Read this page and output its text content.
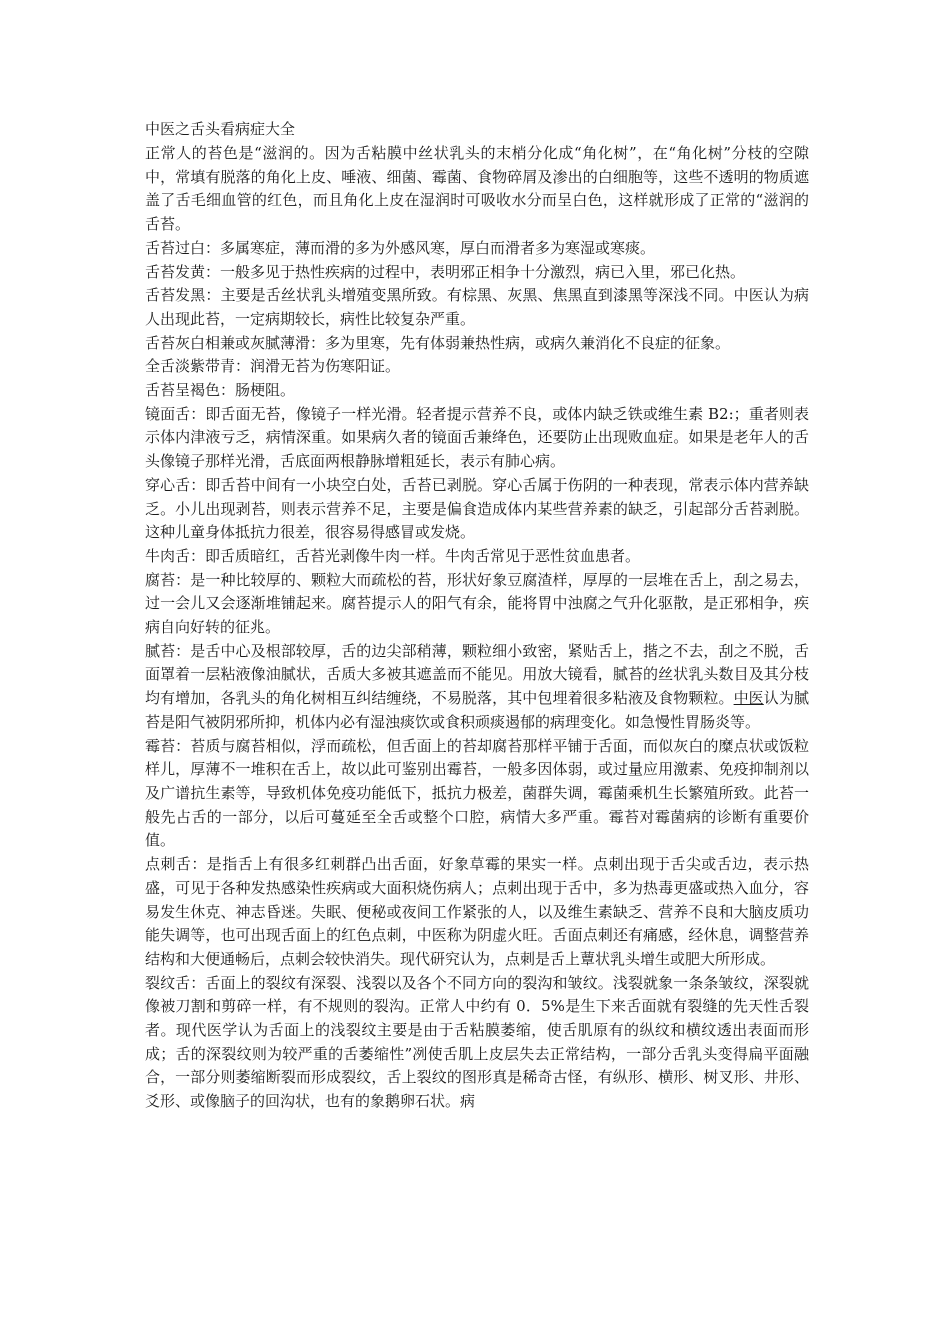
中医之舌头看病症大全

正常人的苔色是“滋润的。因为舌粘膜中丝状乳头的末梢分化成“角化树”，在“角化树”分枝的空隙中，常填有脱落的角化上皮、唾液、细菌、霉菌、食物碎屑及渗出的白细胞等，这些不透明的物质遮盖了舌毛细血管的红色，而且角化上皮在湿润时可吸收水分而呈白色，这样就形成了正常的“滋润的舌苔。

舌苔过白：多属寒症，薄而滑的多为外感风寒，厚白而滑者多为寒湿或寒痰。

舌苔发黄：一般多见于热性疾病的过程中，表明邪正相争十分激烈，病已入里，邪已化热。

舌苔发黑：主要是舌丝状乳头增殖变黑所致。有棕黑、灰黑、焦黑直到漆黑等深浅不同。中医认为病人出现此苔，一定病期较长，病性比较复杂严重。

舌苔灰白相兼或灰腻薄滑：多为里寒，先有体弱兼热性病，或病久兼消化不良症的征象。

全舌淡紫带青：润滑无苔为伤寒阳证。

舌苔呈褐色：肠梗阻。

镜面舌：即舌面无苔，像镜子一样光滑。轻者提示营养不良，或体内缺乏铁或维生素 B2:；重者则表示体内津液亏乏，病情深重。如果病久者的镜面舌兼绛色，还要防止出现败血症。如果是老年人的舌头像镜子那样光滑，舌底面两根静脉增粗延长，表示有肺心病。

穿心舌：即舌苔中间有一小块空白处，舌苔已剥脱。穿心舌属于伤阴的一种表现，常表示体内营养缺乏。小儿出现剥苔，则表示营养不足，主要是偏食造成体内某些营养素的缺乏，引起部分舌苔剥脱。这种儿童身体抵抗力很差，很容易得感冒或发烧。

牛肉舌：即舌质暗红，舌苔光剥像牛肉一样。牛肉舌常见于恶性贫血患者。

腐苔：是一种比较厚的、颗粒大而疏松的苔，形状好象豆腐渣样，厚厚的一层堆在舌上，刮之易去，过一会儿又会逐渐堆铺起来。腐苔提示人的阳气有余，能将胃中浊腐之气升化驱散，是正邪相争，疾病自向好转的征兆。

腻苔：是舌中心及根部较厚，舌的边尖部稍薄，颗粒细小致密，紧贴舌上，揩之不去，刮之不脱，舌面罩着一层粘液像油腻状，舌质大多被其遮盖而不能见。用放大镜看，腻苔的丝状乳头数目及其分枝均有增加，各乳头的角化树相互纠结缠绕，不易脱落，其中包埋着很多粘液及食物颗粒。中医认为腻苔是阳气被阴邪所抑，机体内必有湿浊痰饮或食积顽痰遏郁的病理变化。如急慢性胃肠炎等。

霉苔：苔质与腐苔相似，浮而疏松，但舌面上的苔却腐苔那样平铺于舌面，而似灰白的糜点状或饭粒样儿，厚薄不一堆积在舌上，故以此可鉴别出霉苔，一般多因体弱，或过量应用激素、免疫抑制剂以及广谱抗生素等，导致机体免疫功能低下，抵抗力极差，菌群失调，霉菌乘机生长繁殖所致。此苔一般先占舌的一部分，以后可蔓延至全舌或整个口腔，病情大多严重。霉苔对霉菌病的诊断有重要价值。

点刺舌：是指舌上有很多红刺群凸出舌面，好象草霉的果实一样。点刺出现于舌尖或舌边，表示热盛，可见于各种发热感染性疾病或大面积烧伤病人；点刺出现于舌中，多为热毒更盛或热入血分，容易发生休克、神志昏迷。失眠、便秘或夜间工作紧张的人，以及维生素缺乏、营养不良和大脑皮质功能失调等，也可出现舌面上的红色点刺，中医称为阴虚火旺。舌面点刺还有痛感，经休息，调整营养结构和大便通畅后，点刺会较快消失。现代研究认为，点刺是舌上蕈状乳头增生或肥大所形成。

裂纹舌：舌面上的裂纹有深裂、浅裂以及各个不同方向的裂沟和皱纹。浅裂就象一条条皱纹，深裂就像被刀割和剪碎一样，有不规则的裂沟。正常人中约有 0．5%是生下来舌面就有裂缝的先天性舌裂者。现代医学认为舌面上的浅裂纹主要是由于舌粘膜萎缩，使舌肌原有的纵纹和横纹透出表面而形成；舌的深裂纹则为较严重的舌萎缩性”冽使舌肌上皮层失去正常结构，一部分舌乳头变得扁平面融合，一部分则萎缩断裂而形成裂纹，舌上裂纹的图形真是稀奇古怪，有纵形、横形、树叉形、井形、爻形、或像脑子的回沟状，也有的象鹅卵石状。病
